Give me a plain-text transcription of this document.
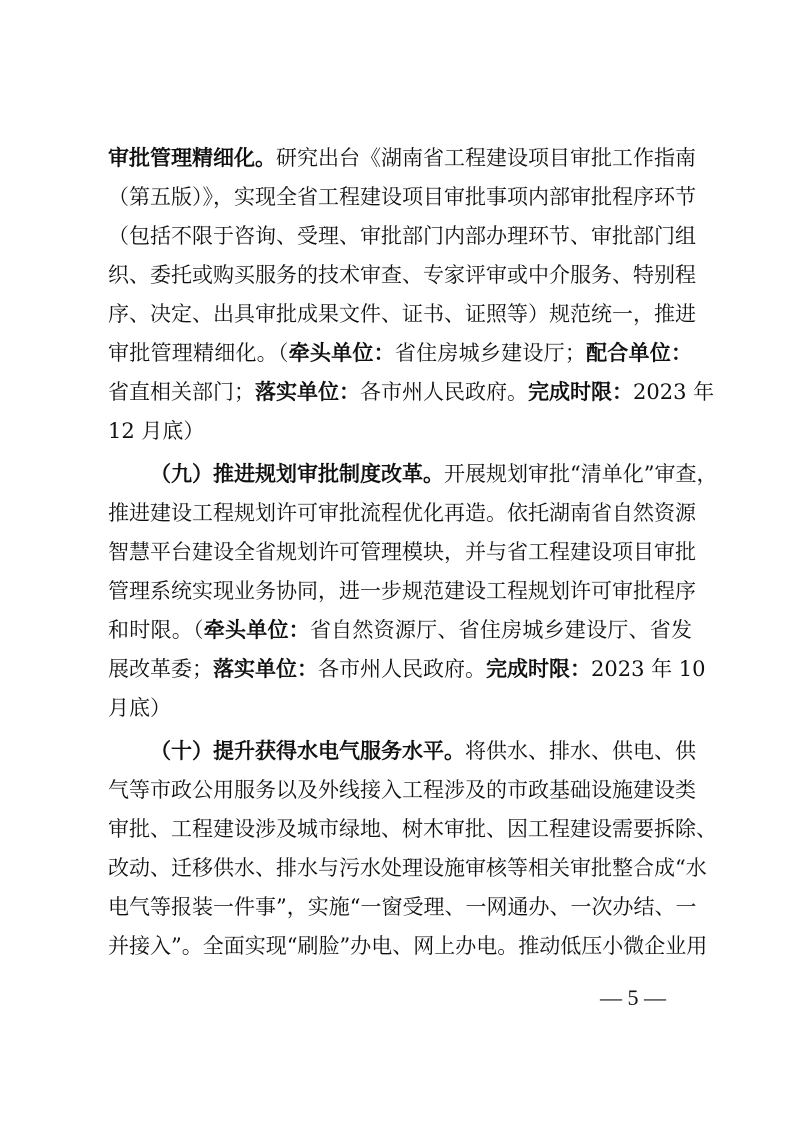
审批管理精细化。研究出台《湖南省工程建设项目审批工作指南
（第五版）》，实现全省工程建设项目审批事项内部审批程序环节
（包括不限于咨询、受理、审批部门内部办理环节、审批部门组
织、委托或购买服务的技术审查、专家评审或中介服务、特别程
序、决定、出具审批成果文件、证书、证照等）规范统一，推进
审批管理精细化。（牵头单位：省住房城乡建设厅；配合单位：
省直相关部门；落实单位：各市州人民政府。完成时限：2023 年
12 月底）
（九）推进规划审批制度改革。开展规划审批“清单化”审查，
推进建设工程规划许可审批流程优化再造。依托湖南省自然资源
智慧平台建设全省规划许可管理模块，并与省工程建设项目审批
管理系统实现业务协同，进一步规范建设工程规划许可审批程序
和时限。（牵头单位：省自然资源厅、省住房城乡建设厅、省发
展改革委；落实单位：各市州人民政府。完成时限：2023 年 10
月底）
（十）提升获得水电气服务水平。将供水、排水、供电、供
气等市政公用服务以及外线接入工程涉及的市政基础设施建设类
审批、工程建设涉及城市绿地、树木审批、因工程建设需要拆除、
改动、迁移供水、排水与污水处理设施审核等相关审批整合成“水
电气等报装一件事”，实施“一窗受理、一网通办、一次办结、一
并接入”。全面实现“刷脸”办电、网上办电。推动低压小微企业用
— 5 —
